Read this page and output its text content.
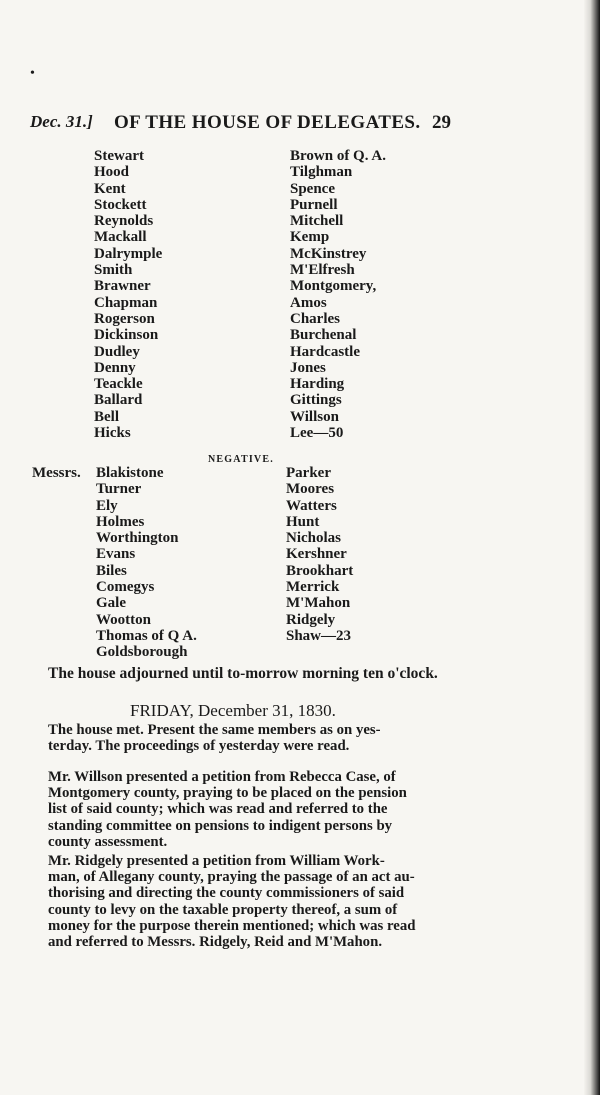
•
Dec. 31.] OF THE HOUSE OF DELEGATES. 29
Stewart
Hood
Kent
Stockett
Reynolds
Mackall
Dalrymple
Smith
Brawner
Chapman
Rogerson
Dickinson
Dudley
Denny
Teackle
Ballard
Bell
Hicks
Brown of Q. A.
Tilghman
Spence
Purnell
Mitchell
Kemp
McKinstrey
M'Elfresh
Montgomery,
Amos
Charles
Burchenal
Hardcastle
Jones
Harding
Gittings
Willson
Lee—50
NEGATIVE.
Messrs. Blakistone
Turner
Ely
Holmes
Worthington
Evans
Biles
Comegys
Gale
Wootton
Thomas of Q A.
Goldsborough
Parker
Moores
Watters
Hunt
Nicholas
Kershner
Brookhart
Merrick
M'Mahon
Ridgely
Shaw—23
The house adjourned until to-morrow morning ten o'clock.
FRIDAY, December 31, 1830.
The house met. Present the same members as on yes-
terday. The proceedings of yesterday were read.
Mr. Willson presented a petition from Rebecca Case, of
Montgomery county, praying to be placed on the pension
list of said county; which was read and referred to the
standing committee on pensions to indigent persons by
county assessment.
Mr. Ridgely presented a petition from William Work-
man, of Allegany county, praying the passage of an act au-
thorising and directing the county commissioners of said
county to levy on the taxable property thereof, a sum of
money for the purpose therein mentioned; which was read
and referred to Messrs. Ridgely, Reid and M'Mahon.
